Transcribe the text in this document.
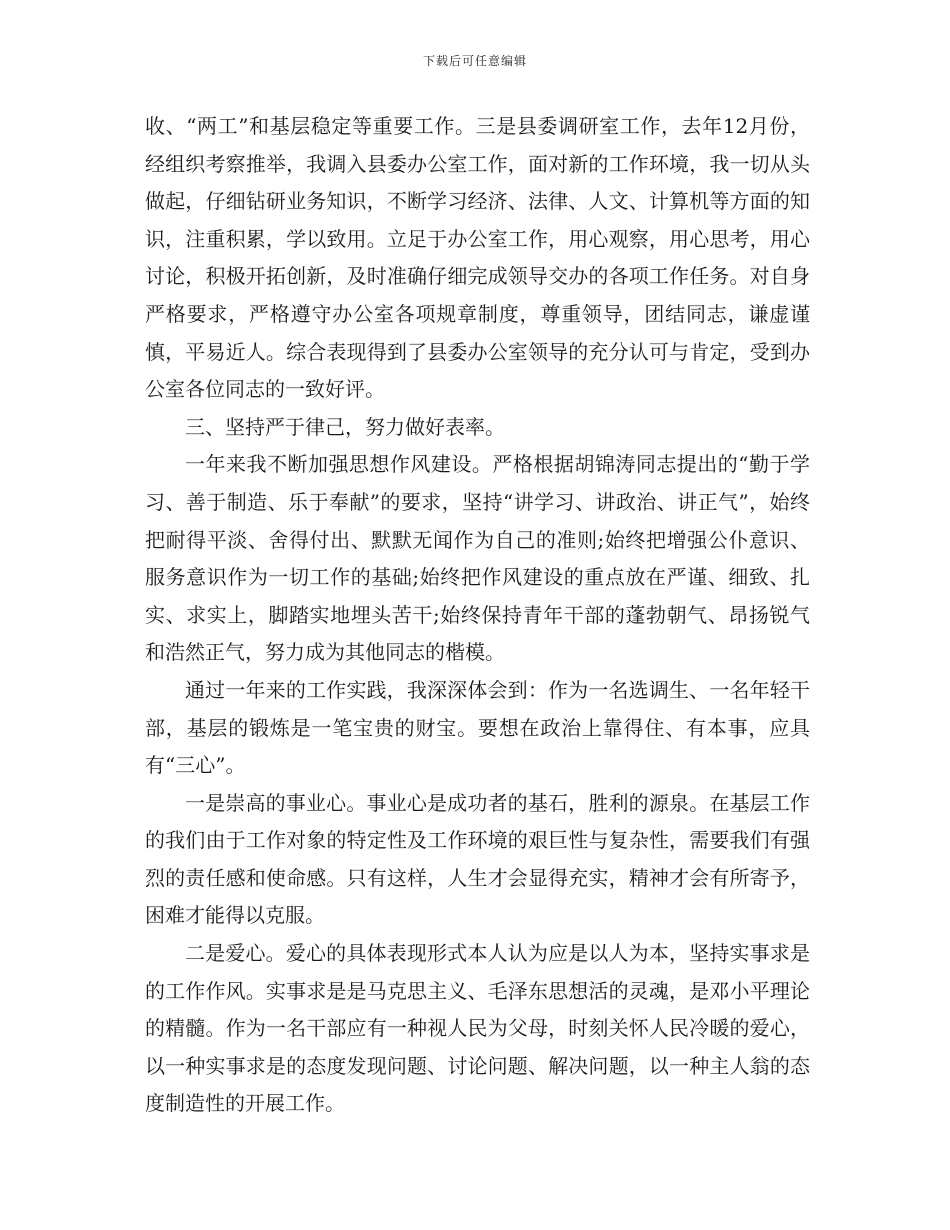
下载后可任意编辑

收、“两工”和基层稳定等重要工作。三是县委调研室工作，去年12月份，经组织考察推举，我调入县委办公室工作，面对新的工作环境，我一切从头做起，仔细钻研业务知识，不断学习经济、法律、人文、计算机等方面的知识，注重积累，学以致用。立足于办公室工作，用心观察，用心思考，用心讨论，积极开拓创新，及时准确仔细完成领导交办的各项工作任务。对自身严格要求，严格遵守办公室各项规章制度，尊重领导，团结同志，谦虚谨慎，平易近人。综合表现得到了县委办公室领导的充分认可与肯定，受到办公室各位同志的一致好评。

三、坚持严于律己，努力做好表率。

一年来我不断加强思想作风建设。严格根据胡锦涛同志提出的“勤于学习、善于制造、乐于奉献”的要求，坚持“讲学习、讲政治、讲正气”，始终把耐得平淡、舍得付出、默默无闻作为自己的准则;始终把增强公仆意识、服务意识作为一切工作的基础;始终把作风建设的重点放在严谨、细致、扎实、求实上，脚踏实地埋头苦干;始终保持青年干部的蓬勃朝气、昂扬锐气和浩然正气，努力成为其他同志的楷模。

通过一年来的工作实践，我深深体会到：作为一名选调生、一名年轻干部，基层的锻炼是一笔宝贵的财宝。要想在政治上靠得住、有本事，应具有“三心”。

一是崇高的事业心。事业心是成功者的基石，胜利的源泉。在基层工作的我们由于工作对象的特定性及工作环境的艰巨性与复杂性，需要我们有强烈的责任感和使命感。只有这样，人生才会显得充实，精神才会有所寄予，困难才能得以克服。

二是爱心。爱心的具体表现形式本人认为应是以人为本，坚持实事求是的工作作风。实事求是是马克思主义、毛泽东思想活的灵魂，是邓小平理论的精髓。作为一名干部应有一种视人民为父母，时刻关怀人民冷暖的爱心，以一种实事求是的态度发现问题、讨论问题、解决问题，以一种主人翁的态度制造性的开展工作。
